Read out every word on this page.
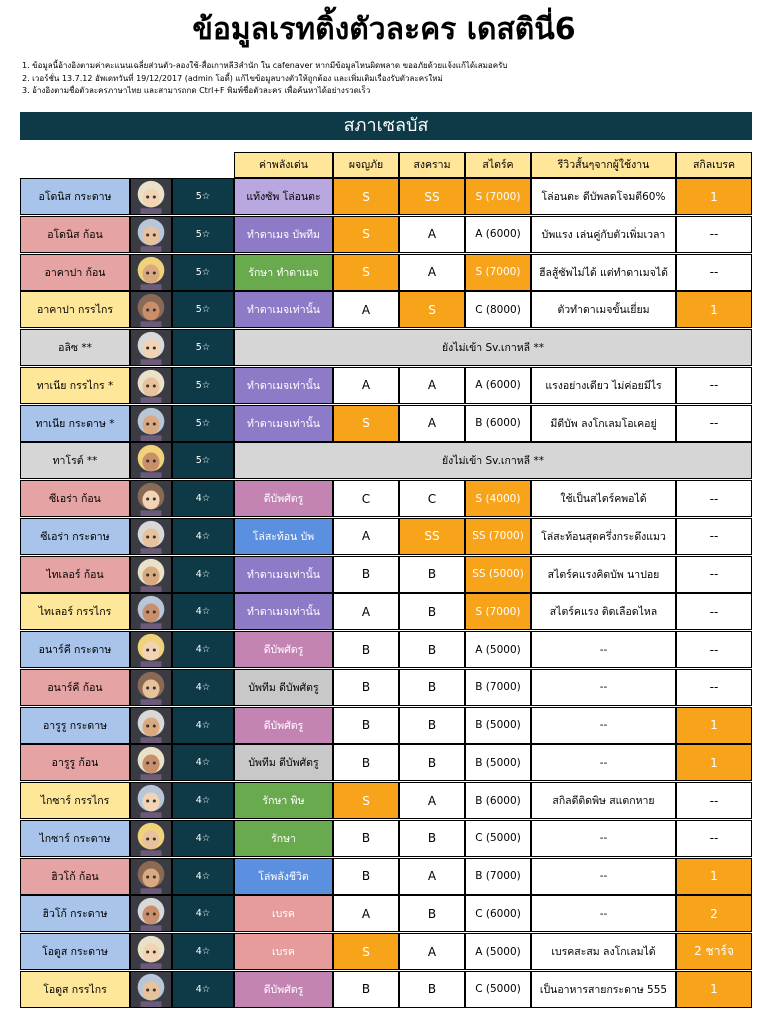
ข้อมูลเรทติ้งตัวละคร เดสตินี่6
1. ข้อมูลนี้อ้างอิงตามค่าคะแนนเฉลี่ยส่วนตัว-ลองใช้-สื่อเกาหลี3สำนัก ใน cafenaver หากมีข้อมูลไหนผิดพลาด ขออภัยด้วยแจ้งแก้ได้เสมอครับ
2. เวอร์ชั่น 13.7.12 อัพเดทวันที่ 19/12/2017 (admin โอดี้) แก้ไขข้อมูลบางตัวให้ถูกต้อง และเพิ่มเติมเรื่องรับตัวละครใหม่
3. อ้างอิงตามชื่อตัวละครภาษาไทย และสามารถกด Ctrl+F พิมพ์ชื่อตัวละคร เพื่อค้นหาได้อย่างรวดเร็ว
สภาเซลบัส
ค่าพลังเด่น	ผจญภัย	สงคราม	สไตร์ค	รีวิวสั้นๆจากผู้ใช้งาน	สกิลเบรค
อโดนิส กระดาษ	5☆	แท้งซัพ โล่อนตะ	S	SS	S (7000)	โล่อนตะ ดีบัพลดโจมตี60%	1
อโดนิส ก้อน	5☆	ทำดาเมจ บัพทีม	S	A	A (6000)	บัพแรง เล่นคู่กับตัวเพิ่มเวลา	--
อาคาปา ก้อน	5☆	รักษา ทำดาเมจ	S	A	S (7000)	ฮีลสู้ซัพไม่ได้ แต่ทำดาเมจได้	--
อาคาปา กรรไกร	5☆	ทำดาเมจเท่านั้น	A	S	C (8000)	ตัวทำดาเมจขั้นเยี่ยม	1
อลิซ **	5☆	ยังไม่เข้า Sv.เกาหลี **
ทาเนีย กรรไกร *	5☆	ทำดาเมจเท่านั้น	A	A	A (6000)	แรงอย่างเดียว ไม่ค่อยมีไร	--
ทาเนีย กระดาษ *	5☆	ทำดาเมจเท่านั้น	S	A	B (6000)	มีดีบัพ ลงโกเลมโอเคอยู่	--
ทาโรต์ **	5☆	ยังไม่เข้า Sv.เกาหลี **
ซีเอร่า ก้อน	4☆	ดีบัพศัตรู	C	C	S (4000)	ใช้เป็นสไตร์คพอได้	--
ซีเอร่า กระดาษ	4☆	โล่สะท้อน บัพ	A	SS	SS (7000)	โล่สะท้อนสุดครึ่งกระดึงแมว	--
ไทเลอร์ ก้อน	4☆	ทำดาเมจเท่านั้น	B	B	SS (5000)	สไตร์คแรงคิดบัพ นาปอย	--
ไทเลอร์ กรรไกร	4☆	ทำดาเมจเท่านั้น	A	B	S (7000)	สไตร์คแรง ติดเลือดไหล	--
อนาร์คี กระดาษ	4☆	ดีบัพศัตรู	B	B	A (5000)	--	--
อนาร์คี ก้อน	4☆	บัพทีม ดีบัพศัตรู	B	B	B (7000)	--	--
อารูรู กระดาษ	4☆	ดีบัพศัตรู	B	B	B (5000)	--	1
อารูรู ก้อน	4☆	บัพทีม ดีบัพศัตรู	B	B	B (5000)	--	1
ไกซาร์ กรรไกร	4☆	รักษา พิษ	S	A	B (6000)	สกิลดีติดพิษ สแตกหาย	--
ไกซาร์ กระดาษ	4☆	รักษา	B	B	C (5000)	--	--
ฮิวโก้ ก้อน	4☆	โล่พลังชีวิต	B	A	B (7000)	--	1
ฮิวโก้ กระดาษ	4☆	เบรค	A	B	C (6000)	--	2
โอดูส กระดาษ	4☆	เบรค	S	A	A (5000)	เบรคสะสม ลงโกเลมได้	2 ชาร์จ
โอดูส กรรไกร	4☆	ดีบัพศัตรู	B	B	C (5000)	เป็นอาหารสายกระดาษ 555	1
